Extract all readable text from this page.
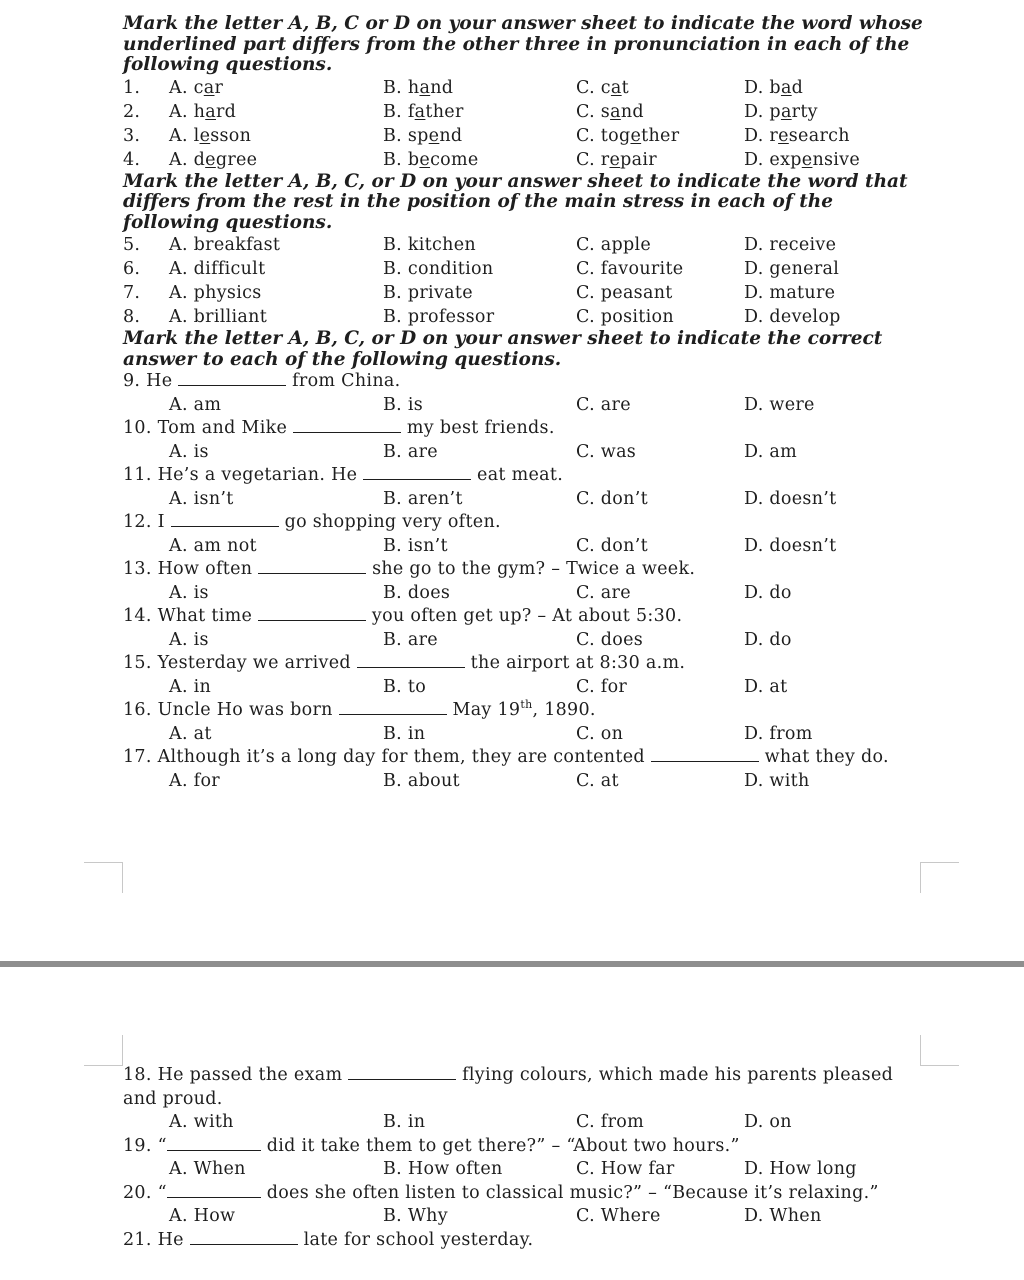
Mark the letter A, B, C or D on your answer sheet to indicate the word whose underlined part differs from the other three in pronunciation in each of the following questions.

1. A. car	B. hand	C. cat	D. bad
2. A. hard	B. father	C. sand	D. party
3. A. lesson	B. spend	C. together	D. research
4. A. degree	B. become	C. repair	D. expensive

Mark the letter A, B, C, or D on your answer sheet to indicate the word that differs from the rest in the position of the main stress in each of the following questions.

5. A. breakfast	B. kitchen	C. apple	D. receive
6. A. difficult	B. condition	C. favourite	D. general
7. A. physics	B. private	C. peasant	D. mature
8. A. brilliant	B. professor	C. position	D. develop

Mark the letter A, B, C, or D on your answer sheet to indicate the correct answer to each of the following questions.

9. He	from China.
A. am	B. is	C. are	D. were
10. Tom and Mike	my best friends.
A. is	B. are	C. was	D. am
11. He’s a vegetarian. He	eat meat.
A. isn’t	B. aren’t	C. don’t	D. doesn’t
12. I	go shopping very often.
A. am not	B. isn’t	C. don’t	D. doesn’t
13. How often	she go to the gym? – Twice a week.
A. is	B. does	C. are	D. do
14. What time	you often get up? – At about 5:30.
A. is	B. are	C. does	D. do
15. Yesterday we arrived	the airport at 8:30 a.m.
A. in	B. to	C. for	D. at
16. Uncle Ho was born	May 19th, 1890.
A. at	B. in	C. on	D. from
17. Although it’s a long day for them, they are contented	what they do.
A. for	B. about	C. at	D. with
18. He passed the exam	flying colours, which made his parents pleased and proud.
A. with	B. in	C. from	D. on
19. “	did it take them to get there?” – “About two hours.”
A. When	B. How often	C. How far	D. How long
20. “	does she often listen to classical music?” – “Because it’s relaxing.”
A. How	B. Why	C. Where	D. When
21. He	late for school yesterday.
